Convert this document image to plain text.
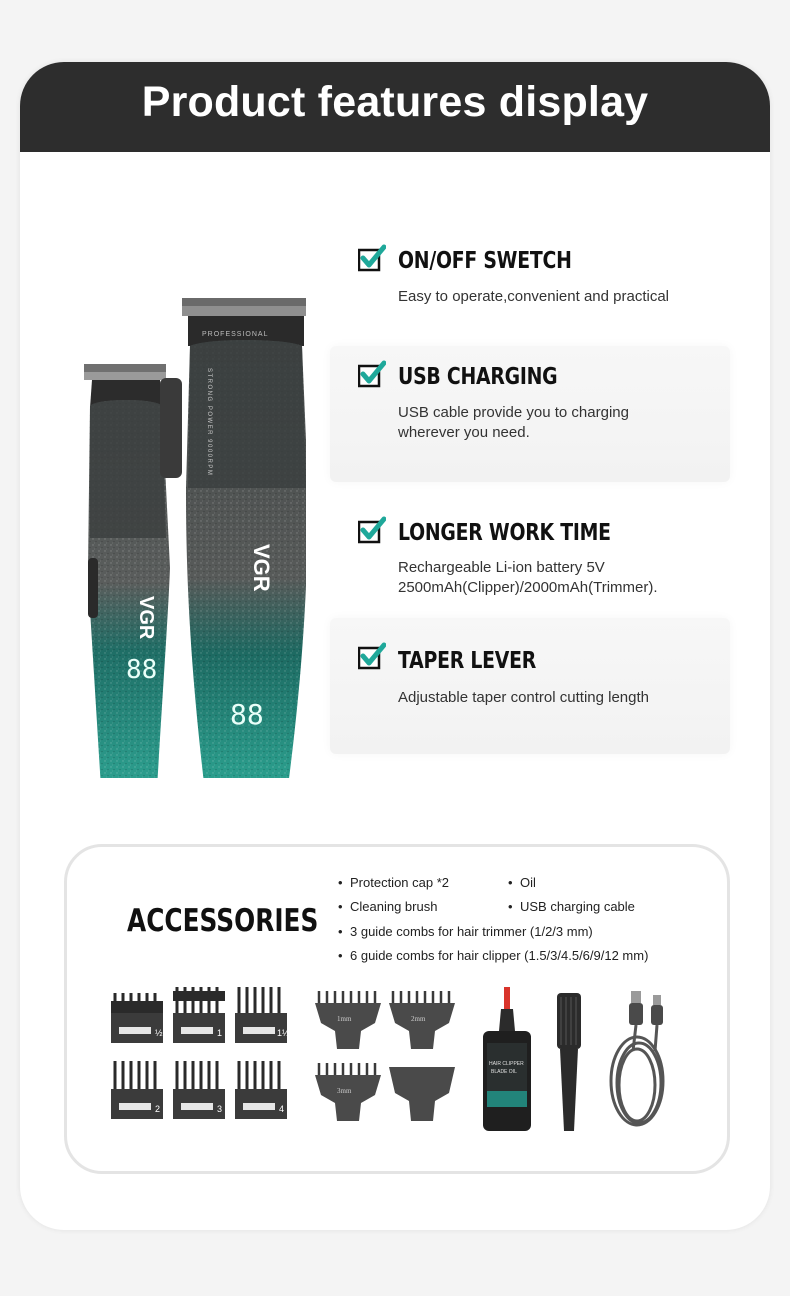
Product features display
VGR
88
PROFESSIONAL
STRONG POWER 9000RPM
VGR
88
ON/OFF SWETCH
Easy to operate,convenient and practical
USB CHARGING
USB cable provide you to charging
wherever you need.
LONGER WORK TIME
Rechargeable Li-ion battery 5V
2500mAh(Clipper)/2000mAh(Trimmer).
TAPER LEVER
Adjustable taper control cutting length
ACCESSORIES
• Protection cap *2	• Oil
• Cleaning brush	• USB charging cable
• 3 guide combs for hair trimmer (1/2/3 mm)
• 6 guide combs for hair clipper (1.5/3/4.5/6/9/12 mm)
½	1	1½
2	3	4
1mm	2mm
3mm
HAIR CLIPPER
BLADE OIL
